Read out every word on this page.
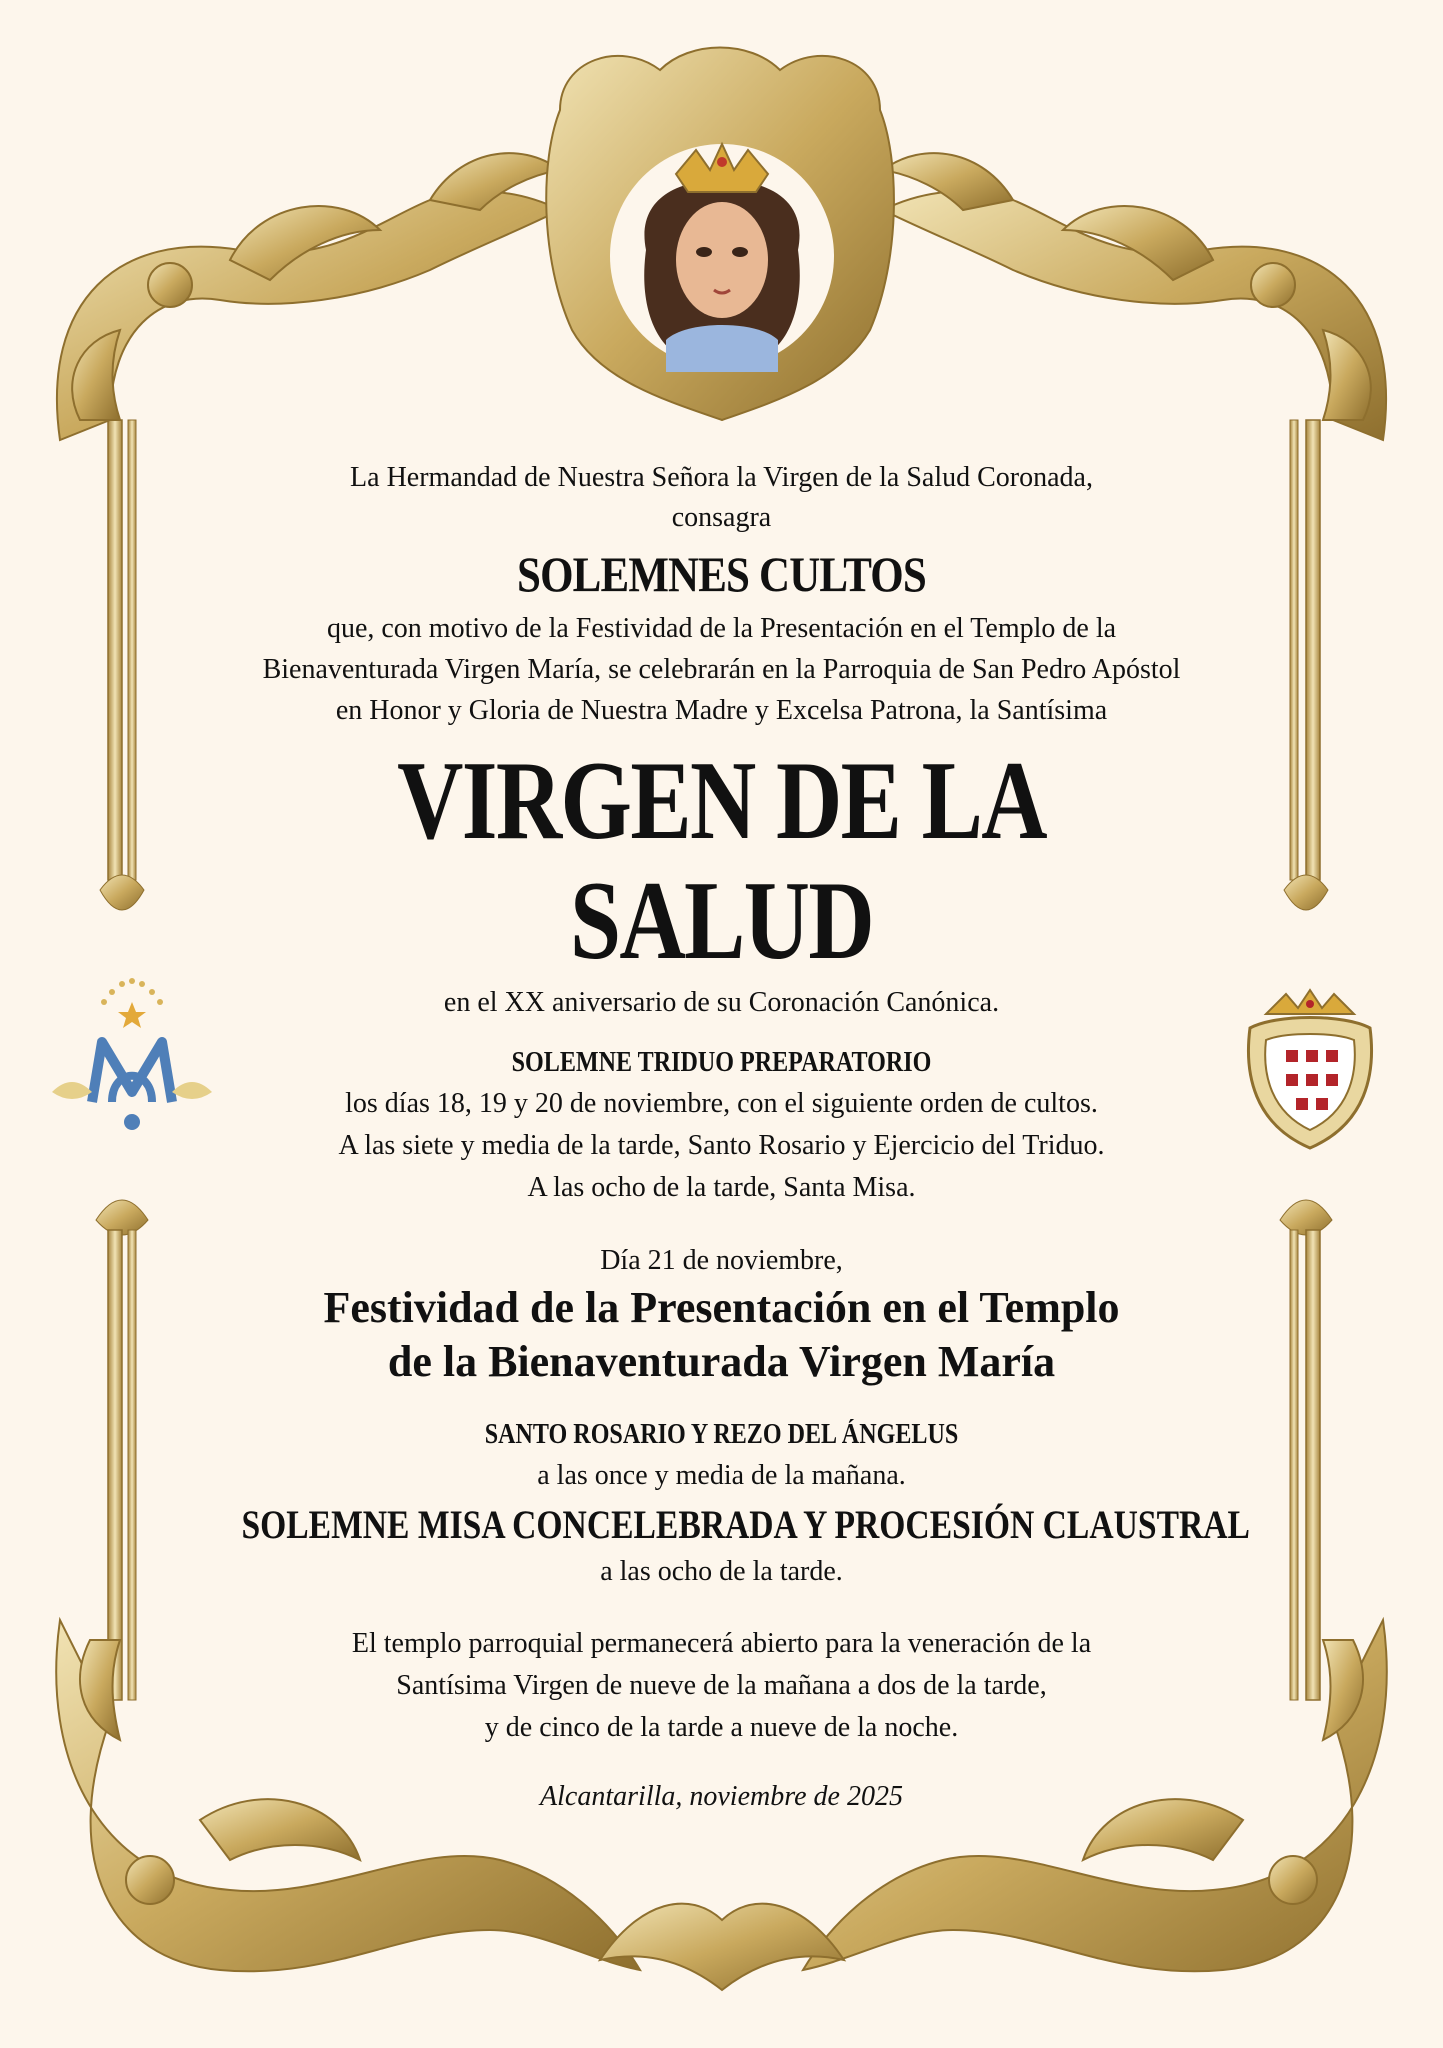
La Hermandad de Nuestra Señora la Virgen de la Salud Coronada,

consagra

SOLEMNES CULTOS

que, con motivo de la Festividad de la Presentación en el Templo de la

Bienaventurada Virgen María, se celebrarán en la Parroquia de San Pedro Apóstol

en Honor y Gloria de Nuestra Madre y Excelsa Patrona, la Santísima

VIRGEN DE LA SALUD

en el XX aniversario de su Coronación Canónica.

SOLEMNE TRIDUO PREPARATORIO

los días 18, 19 y 20 de noviembre, con el siguiente orden de cultos.

A las siete y media de la tarde, Santo Rosario y Ejercicio del Triduo.

A las ocho de la tarde, Santa Misa.

Día 21 de noviembre,

Festividad de la Presentación en el Templo

de la Bienaventurada Virgen María

SANTO ROSARIO Y REZO DEL ÁNGELUS

a las once y media de la mañana.

SOLEMNE MISA CONCELEBRADA Y PROCESIÓN CLAUSTRAL

a las ocho de la tarde.

El templo parroquial permanecerá abierto para la veneración de la

Santísima Virgen de nueve de la mañana a dos de la tarde,

y de cinco de la tarde a nueve de la noche.

Alcantarilla, noviembre de 2025
